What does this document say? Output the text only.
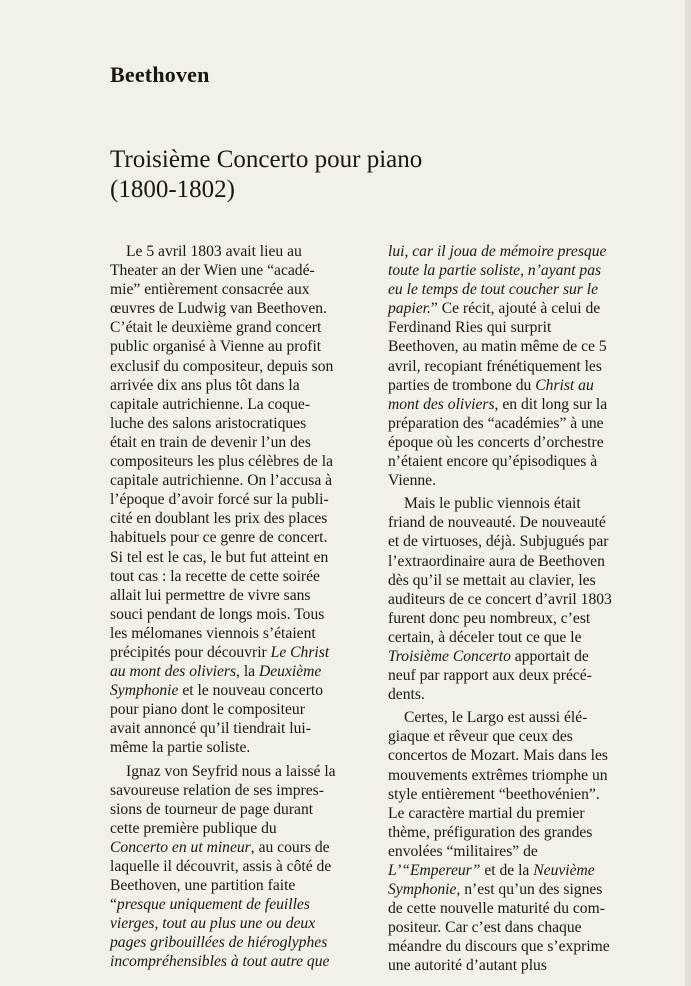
Beethoven
Troisième Concerto pour piano
(1800-1802)
Le 5 avril 1803 avait lieu au
Theater an der Wien une “acadé-
mie” entièrement consacrée aux
œuvres de Ludwig van Beethoven.
C’était le deuxième grand concert
public organisé à Vienne au profit
exclusif du compositeur, depuis son
arrivée dix ans plus tôt dans la
capitale autrichienne. La coque-
luche des salons aristocratiques
était en train de devenir l’un des
compositeurs les plus célèbres de la
capitale autrichienne. On l’accusa à
l’époque d’avoir forcé sur la publi-
cité en doublant les prix des places
habituels pour ce genre de concert.
Si tel est le cas, le but fut atteint en
tout cas : la recette de cette soirée
allait lui permettre de vivre sans
souci pendant de longs mois. Tous
les mélomanes viennois s’étaient
précipités pour découvrir Le Christ
au mont des oliviers, la Deuxième
Symphonie et le nouveau concerto
pour piano dont le compositeur
avait annoncé qu’il tiendrait lui-
même la partie soliste.
Ignaz von Seyfrid nous a laissé la
savoureuse relation de ses impres-
sions de tourneur de page durant
cette première publique du
Concerto en ut mineur, au cours de
laquelle il découvrit, assis à côté de
Beethoven, une partition faite
“presque uniquement de feuilles
vierges, tout au plus une ou deux
pages gribouillées de hiéroglyphes
incompréhensibles à tout autre que
lui, car il joua de mémoire presque
toute la partie soliste, n’ayant pas
eu le temps de tout coucher sur le
papier.” Ce récit, ajouté à celui de
Ferdinand Ries qui surprit
Beethoven, au matin même de ce 5
avril, recopiant frénétiquement les
parties de trombone du Christ au
mont des oliviers, en dit long sur la
préparation des “académies” à une
époque où les concerts d’orchestre
n’étaient encore qu’épisodiques à
Vienne.
Mais le public viennois était
friand de nouveauté. De nouveauté
et de virtuoses, déjà. Subjugués par
l’extraordinaire aura de Beethoven
dès qu’il se mettait au clavier, les
auditeurs de ce concert d’avril 1803
furent donc peu nombreux, c’est
certain, à déceler tout ce que le
Troisième Concerto apportait de
neuf par rapport aux deux précé-
dents.
Certes, le Largo est aussi élé-
giaque et rêveur que ceux des
concertos de Mozart. Mais dans les
mouvements extrêmes triomphe un
style entièrement “beethovénien”.
Le caractère martial du premier
thème, préfiguration des grandes
envolées “militaires” de
L’“Empereur” et de la Neuvième
Symphonie, n’est qu’un des signes
de cette nouvelle maturité du com-
positeur. Car c’est dans chaque
méandre du discours que s’exprime
une autorité d’autant plus
